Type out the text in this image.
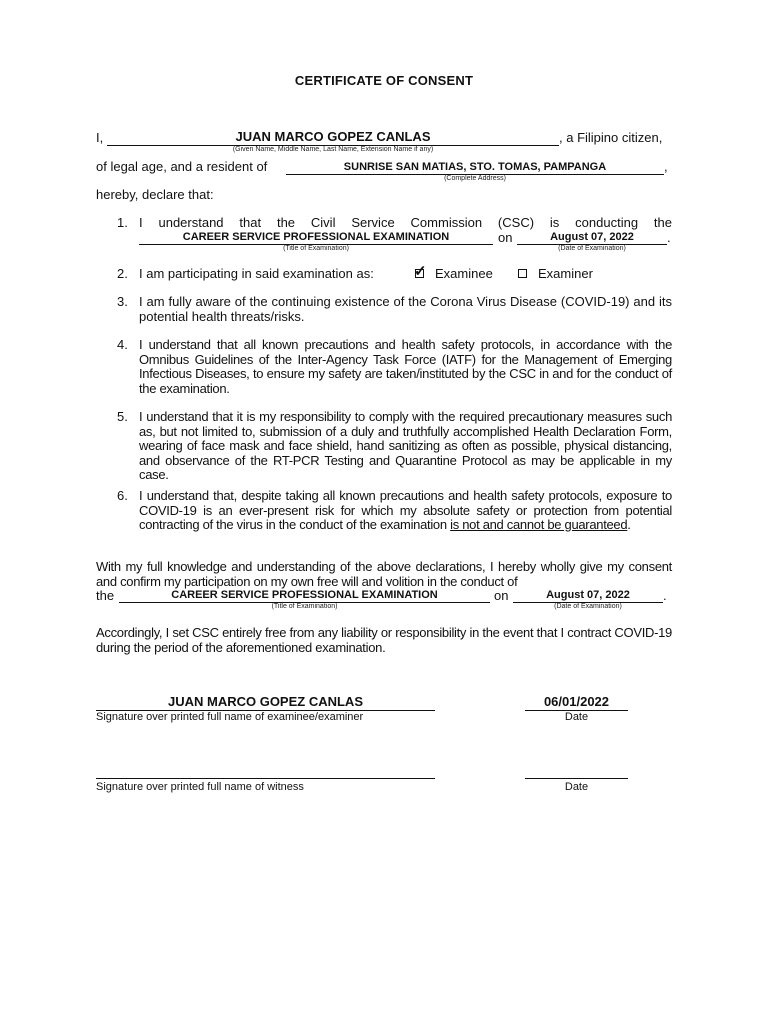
CERTIFICATE OF CONSENT
I,	JUAN MARCO GOPEZ CANLAS	, a Filipino citizen,
(Given Name, Middle Name, Last Name, Extension Name if any)
of legal age, and a resident of	SUNRISE SAN MATIAS, STO. TOMAS, PAMPANGA	,
(Complete Address)
hereby, declare that:
1. I understand that the Civil Service Commission (CSC) is conducting the
CAREER SERVICE PROFESSIONAL EXAMINATION	on	August 07, 2022	.
(Title of Examination)	(Date of Examination)
2. I am participating in said examination as:	✓ Examinee	Examiner
3. I am fully aware of the continuing existence of the Corona Virus Disease (COVID-19) and its potential health threats/risks.
4. I understand that all known precautions and health safety protocols, in accordance with the Omnibus Guidelines of the Inter-Agency Task Force (IATF) for the Management of Emerging Infectious Diseases, to ensure my safety are taken/instituted by the CSC in and for the conduct of the examination.
5. I understand that it is my responsibility to comply with the required precautionary measures such as, but not limited to, submission of a duly and truthfully accomplished Health Declaration Form, wearing of face mask and face shield, hand sanitizing as often as possible, physical distancing, and observance of the RT-PCR Testing and Quarantine Protocol as may be applicable in my case.
6. I understand that, despite taking all known precautions and health safety protocols, exposure to COVID-19 is an ever-present risk for which my absolute safety or protection from potential contracting of the virus in the conduct of the examination is not and cannot be guaranteed.
With my full knowledge and understanding of the above declarations, I hereby wholly give my consent and confirm my participation on my own free will and volition in the conduct of
the	CAREER SERVICE PROFESSIONAL EXAMINATION	on	August 07, 2022	.
(Title of Examination)	(Date of Examination)
Accordingly, I set CSC entirely free from any liability or responsibility in the event that I contract COVID-19 during the period of the aforementioned examination.
JUAN MARCO GOPEZ CANLAS
Signature over printed full name of examinee/examiner
06/01/2022
Date
Signature over printed full name of witness	Date
